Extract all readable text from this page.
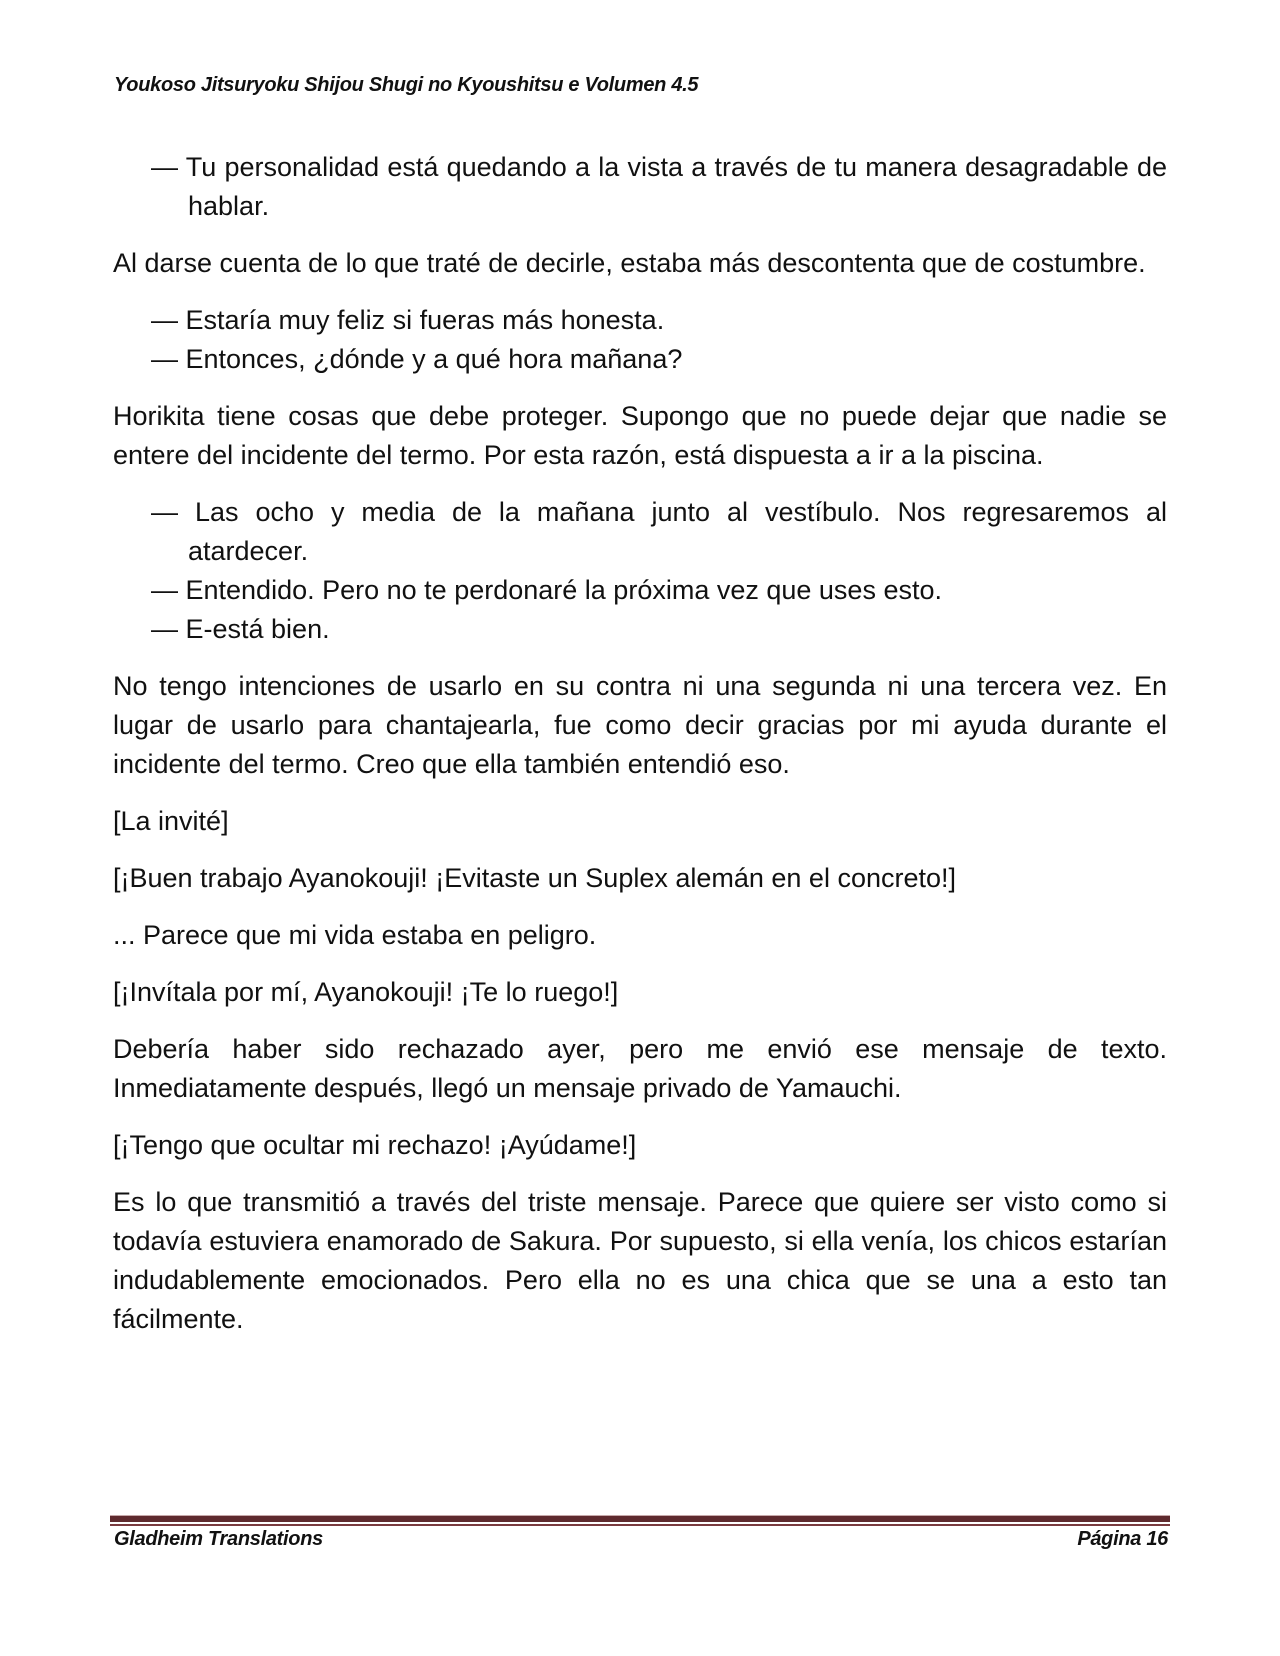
Youkoso Jitsuryoku Shijou Shugi no Kyoushitsu e Volumen 4.5

— Tu personalidad está quedando a la vista a través de tu manera desagradable de hablar.

Al darse cuenta de lo que traté de decirle, estaba más descontenta que de costumbre.

— Estaría muy feliz si fueras más honesta.

— Entonces, ¿dónde y a qué hora mañana?

Horikita tiene cosas que debe proteger. Supongo que no puede dejar que nadie se entere del incidente del termo. Por esta razón, está dispuesta a ir a la piscina.

— Las ocho y media de la mañana junto al vestíbulo. Nos regresaremos al atardecer.

— Entendido. Pero no te perdonaré la próxima vez que uses esto.

— E-está bien.

No tengo intenciones de usarlo en su contra ni una segunda ni una tercera vez. En lugar de usarlo para chantajearla, fue como decir gracias por mi ayuda durante el incidente del termo. Creo que ella también entendió eso.

[La invité]

[¡Buen trabajo Ayanokouji! ¡Evitaste un Suplex alemán en el concreto!]

... Parece que mi vida estaba en peligro.

[¡Invítala por mí, Ayanokouji! ¡Te lo ruego!]

Debería haber sido rechazado ayer, pero me envió ese mensaje de texto. Inmediatamente después, llegó un mensaje privado de Yamauchi.

[¡Tengo que ocultar mi rechazo! ¡Ayúdame!]

Es lo que transmitió a través del triste mensaje. Parece que quiere ser visto como si todavía estuviera enamorado de Sakura. Por supuesto, si ella venía, los chicos estarían indudablemente emocionados. Pero ella no es una chica que se una a esto tan fácilmente.

Gladheim Translations	Página 16
